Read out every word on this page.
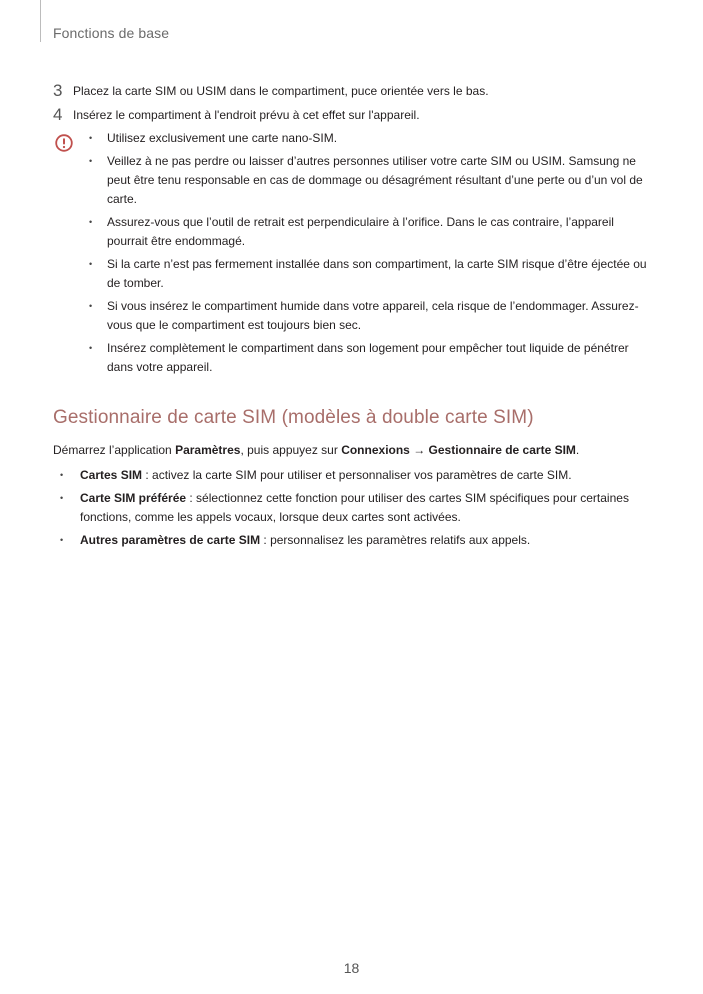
Fonctions de base
3 Placez la carte SIM ou USIM dans le compartiment, puce orientée vers le bas.
4 Insérez le compartiment à l'endroit prévu à cet effet sur l'appareil.
• Utilisez exclusivement une carte nano-SIM.
• Veillez à ne pas perdre ou laisser d’autres personnes utiliser votre carte SIM ou USIM. Samsung ne peut être tenu responsable en cas de dommage ou désagrément résultant d’une perte ou d’un vol de carte.
• Assurez-vous que l’outil de retrait est perpendiculaire à l’orifice. Dans le cas contraire, l’appareil pourrait être endommagé.
• Si la carte n’est pas fermement installée dans son compartiment, la carte SIM risque d’être éjectée ou de tomber.
• Si vous insérez le compartiment humide dans votre appareil, cela risque de l’endommager. Assurez-vous que le compartiment est toujours bien sec.
• Insérez complètement le compartiment dans son logement pour empêcher tout liquide de pénétrer dans votre appareil.
Gestionnaire de carte SIM (modèles à double carte SIM)
Démarrez l’application Paramètres, puis appuyez sur Connexions → Gestionnaire de carte SIM.
• Cartes SIM : activez la carte SIM pour utiliser et personnaliser vos paramètres de carte SIM.
• Carte SIM préférée : sélectionnez cette fonction pour utiliser des cartes SIM spécifiques pour certaines fonctions, comme les appels vocaux, lorsque deux cartes sont activées.
• Autres paramètres de carte SIM : personnalisez les paramètres relatifs aux appels.
18
